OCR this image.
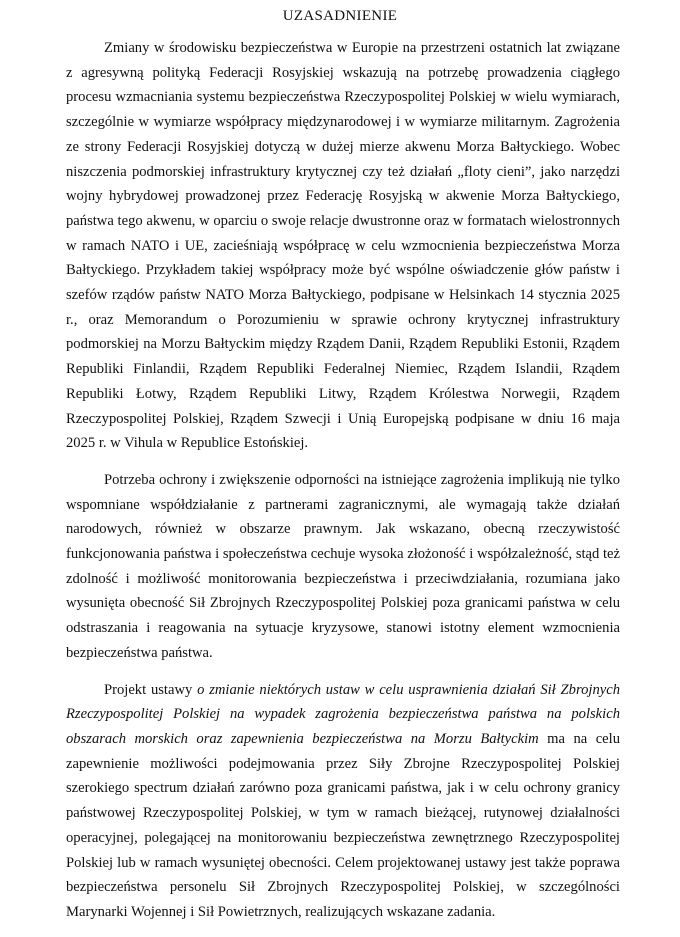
UZASADNIENIE

Zmiany w środowisku bezpieczeństwa w Europie na przestrzeni ostatnich lat związane z agresywną polityką Federacji Rosyjskiej wskazują na potrzebę prowadzenia ciągłego procesu wzmacniania systemu bezpieczeństwa Rzeczypospolitej Polskiej w wielu wymiarach, szczególnie w wymiarze współpracy międzynarodowej i w wymiarze militarnym. Zagrożenia ze strony Federacji Rosyjskiej dotyczą w dużej mierze akwenu Morza Bałtyckiego. Wobec niszczenia podmorskiej infrastruktury krytycznej czy też działań „floty cieni”, jako narzędzi wojny hybrydowej prowadzonej przez Federację Rosyjską w akwenie Morza Bałtyckiego, państwa tego akwenu, w oparciu o swoje relacje dwustronne oraz w formatach wielostronnych w ramach NATO i UE, zacieśniają współpracę w celu wzmocnienia bezpieczeństwa Morza Bałtyckiego. Przykładem takiej współpracy może być wspólne oświadczenie głów państw i szefów rządów państw NATO Morza Bałtyckiego, podpisane w Helsinkach 14 stycznia 2025 r., oraz Memorandum o Porozumieniu w sprawie ochrony krytycznej infrastruktury podmorskiej na Morzu Bałtyckim między Rządem Danii, Rządem Republiki Estonii, Rządem Republiki Finlandii, Rządem Republiki Federalnej Niemiec, Rządem Islandii, Rządem Republiki Łotwy, Rządem Republiki Litwy, Rządem Królestwa Norwegii, Rządem Rzeczypospolitej Polskiej, Rządem Szwecji i Unią Europejską podpisane w dniu 16 maja 2025 r. w Vihula w Republice Estońskiej.

Potrzeba ochrony i zwiększenie odporności na istniejące zagrożenia implikują nie tylko wspomniane współdziałanie z partnerami zagranicznymi, ale wymagają także działań narodowych, również w obszarze prawnym. Jak wskazano, obecną rzeczywistość funkcjonowania państwa i społeczeństwa cechuje wysoka złożoność i współzależność, stąd też zdolność i możliwość monitorowania bezpieczeństwa i przeciwdziałania, rozumiana jako wysunięta obecność Sił Zbrojnych Rzeczypospolitej Polskiej poza granicami państwa w celu odstraszania i reagowania na sytuacje kryzysowe, stanowi istotny element wzmocnienia bezpieczeństwa państwa.

Projekt ustawy o zmianie niektórych ustaw w celu usprawnienia działań Sił Zbrojnych Rzeczypospolitej Polskiej na wypadek zagrożenia bezpieczeństwa państwa na polskich obszarach morskich oraz zapewnienia bezpieczeństwa na Morzu Bałtyckim ma na celu zapewnienie możliwości podejmowania przez Siły Zbrojne Rzeczypospolitej Polskiej szerokiego spectrum działań zarówno poza granicami państwa, jak i w celu ochrony granicy państwowej Rzeczypospolitej Polskiej, w tym w ramach bieżącej, rutynowej działalności operacyjnej, polegającej na monitorowaniu bezpieczeństwa zewnętrznego Rzeczypospolitej Polskiej lub w ramach wysuniętej obecności. Celem projektowanej ustawy jest także poprawa bezpieczeństwa personelu Sił Zbrojnych Rzeczypospolitej Polskiej, w szczególności Marynarki Wojennej i Sił Powietrznych, realizujących wskazane zadania.
